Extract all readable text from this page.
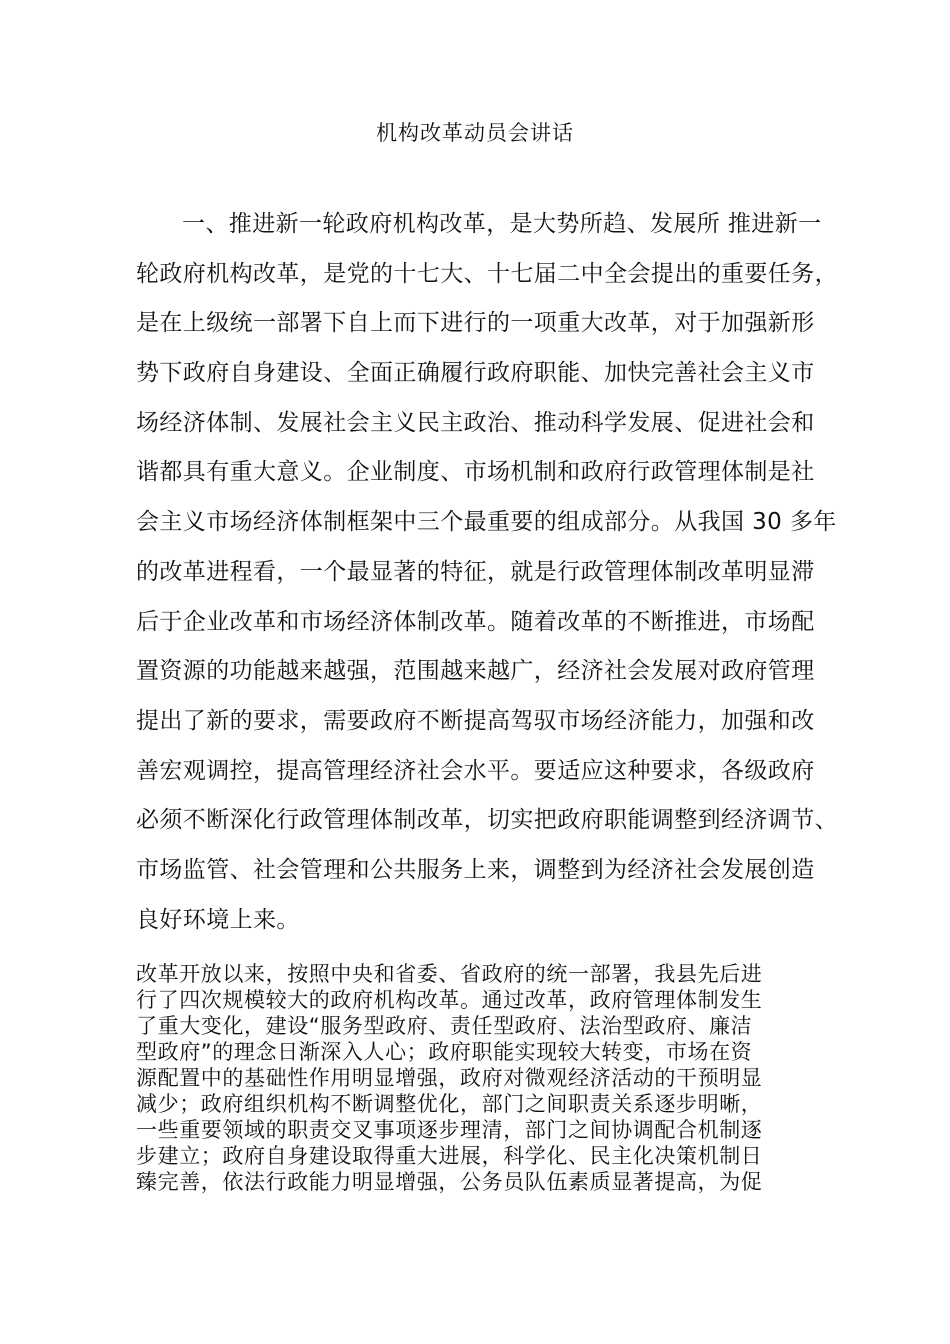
机构改革动员会讲话
一、推进新一轮政府机构改革，是大势所趋、发展所 推进新一
轮政府机构改革，是党的十七大、十七届二中全会提出的重要任务，
是在上级统一部署下自上而下进行的一项重大改革，对于加强新形
势下政府自身建设、全面正确履行政府职能、加快完善社会主义市
场经济体制、发展社会主义民主政治、推动科学发展、促进社会和
谐都具有重大意义。企业制度、市场机制和政府行政管理体制是社
会主义市场经济体制框架中三个最重要的组成部分。从我国 30 多年
的改革进程看，一个最显著的特征，就是行政管理体制改革明显滞
后于企业改革和市场经济体制改革。随着改革的不断推进，市场配
置资源的功能越来越强，范围越来越广，经济社会发展对政府管理
提出了新的要求，需要政府不断提高驾驭市场经济能力，加强和改
善宏观调控，提高管理经济社会水平。要适应这种要求，各级政府
必须不断深化行政管理体制改革，切实把政府职能调整到经济调节、
市场监管、社会管理和公共服务上来，调整到为经济社会发展创造
良好环境上来。
改革开放以来，按照中央和省委、省政府的统一部署，我县先后进
行了四次规模较大的政府机构改革。通过改革，政府管理体制发生
了重大变化，建设“服务型政府、责任型政府、法治型政府、廉洁
型政府”的理念日渐深入人心；政府职能实现较大转变，市场在资
源配置中的基础性作用明显增强，政府对微观经济活动的干预明显
减少；政府组织机构不断调整优化，部门之间职责关系逐步明晰，
一些重要领域的职责交叉事项逐步理清，部门之间协调配合机制逐
步建立；政府自身建设取得重大进展，科学化、民主化决策机制日
臻完善，依法行政能力明显增强，公务员队伍素质显著提高，为促
